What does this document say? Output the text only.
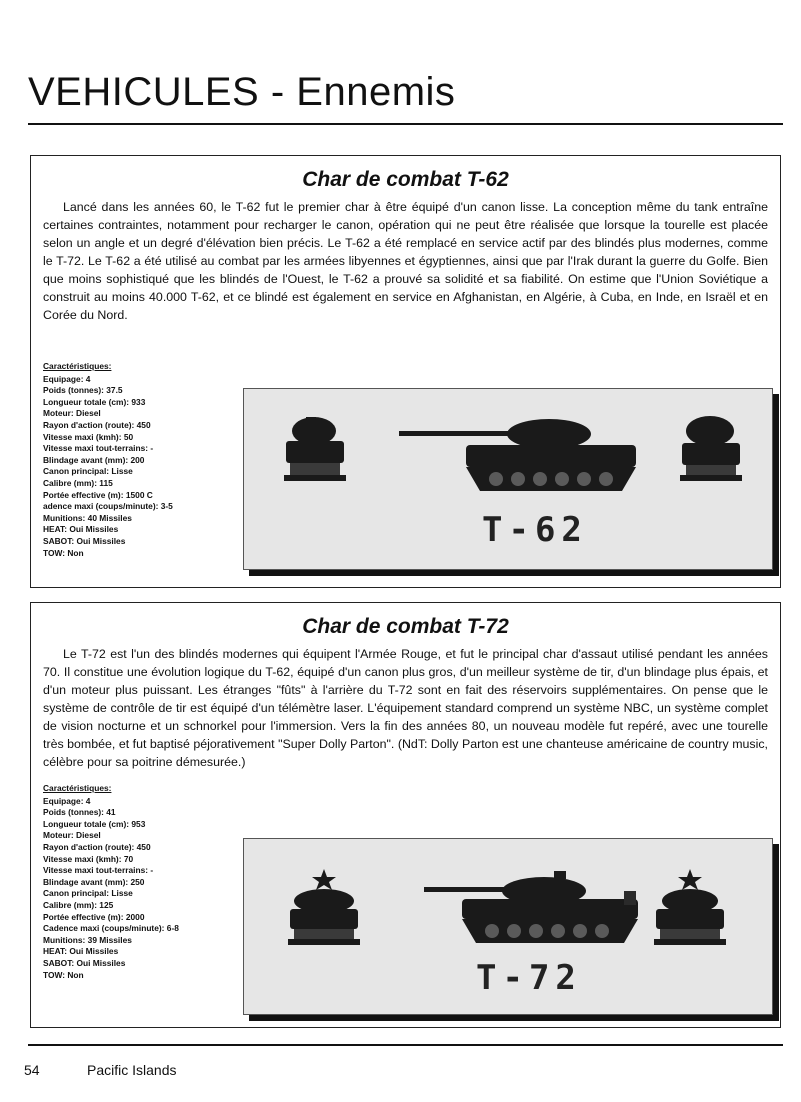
VEHICULES - Ennemis
Char de combat T-62
Lancé dans les années 60, le T-62 fut le premier char à être équipé d'un canon lisse. La conception même du tank entraîne certaines contraintes, notamment pour recharger le canon, opération qui ne peut être réalisée que lorsque la tourelle est placée selon un angle et un degré d'élévation bien précis. Le T-62 a été remplacé en service actif par des blindés plus modernes, comme le T-72. Le T-62 a été utilisé au combat par les armées libyennes et égyptiennes, ainsi que par l'Irak durant la guerre du Golfe. Bien que moins sophistiqué que les blindés de l'Ouest, le T-62 a prouvé sa solidité et sa fiabilité. On estime que l'Union Soviétique a construit au moins 40.000 T-62, et ce blindé est également en service en Afghanistan, en Algérie, à Cuba, en Inde, en Israël et en Corée du Nord.
Caractéristiques:
Equipage: 4
Poids (tonnes): 37.5
Longueur totale (cm): 933
Moteur: Diesel
Rayon d'action (route): 450
Vitesse maxi (kmh): 50
Vitesse maxi tout-terrains: -
Blindage avant (mm): 200
Canon principal: Lisse
Calibre (mm): 115
Portée effective (m): 1500 C
adence maxi (coups/minute): 3-5
Munitions: 40 Missiles
HEAT: Oui Missiles
SABOT: Oui Missiles
TOW: Non
T-62
Char de combat T-72
Le T-72 est l'un des blindés modernes qui équipent l'Armée Rouge, et fut le principal char d'assaut utilisé pendant les années 70. Il constitue une évolution logique du T-62, équipé d'un canon plus gros, d'un meilleur système de tir, d'un blindage plus épais, et d'un moteur plus puissant. Les étranges "fûts" à l'arrière du T-72 sont en fait des réservoirs supplémentaires. On pense que le système de contrôle de tir est équipé d'un télémètre laser. L'équipement standard comprend un système NBC, un système complet de vision nocturne et un schnorkel pour l'immersion. Vers la fin des années 80, un nouveau modèle fut repéré, avec une tourelle très bombée, et fut baptisé péjorativement "Super Dolly Parton". (NdT: Dolly Parton est une chanteuse américaine de country music, célèbre pour sa poitrine démesurée.)
Caractéristiques:
Equipage: 4
Poids (tonnes): 41
Longueur totale (cm): 953
Moteur: Diesel
Rayon d'action (route): 450
Vitesse maxi (kmh): 70
Vitesse maxi tout-terrains: -
Blindage avant (mm): 250
Canon principal: Lisse
Calibre (mm): 125
Portée effective (m): 2000
Cadence maxi (coups/minute): 6-8
Munitions: 39 Missiles
HEAT: Oui Missiles
SABOT: Oui Missiles
TOW: Non	T-72
54	Pacific Islands
